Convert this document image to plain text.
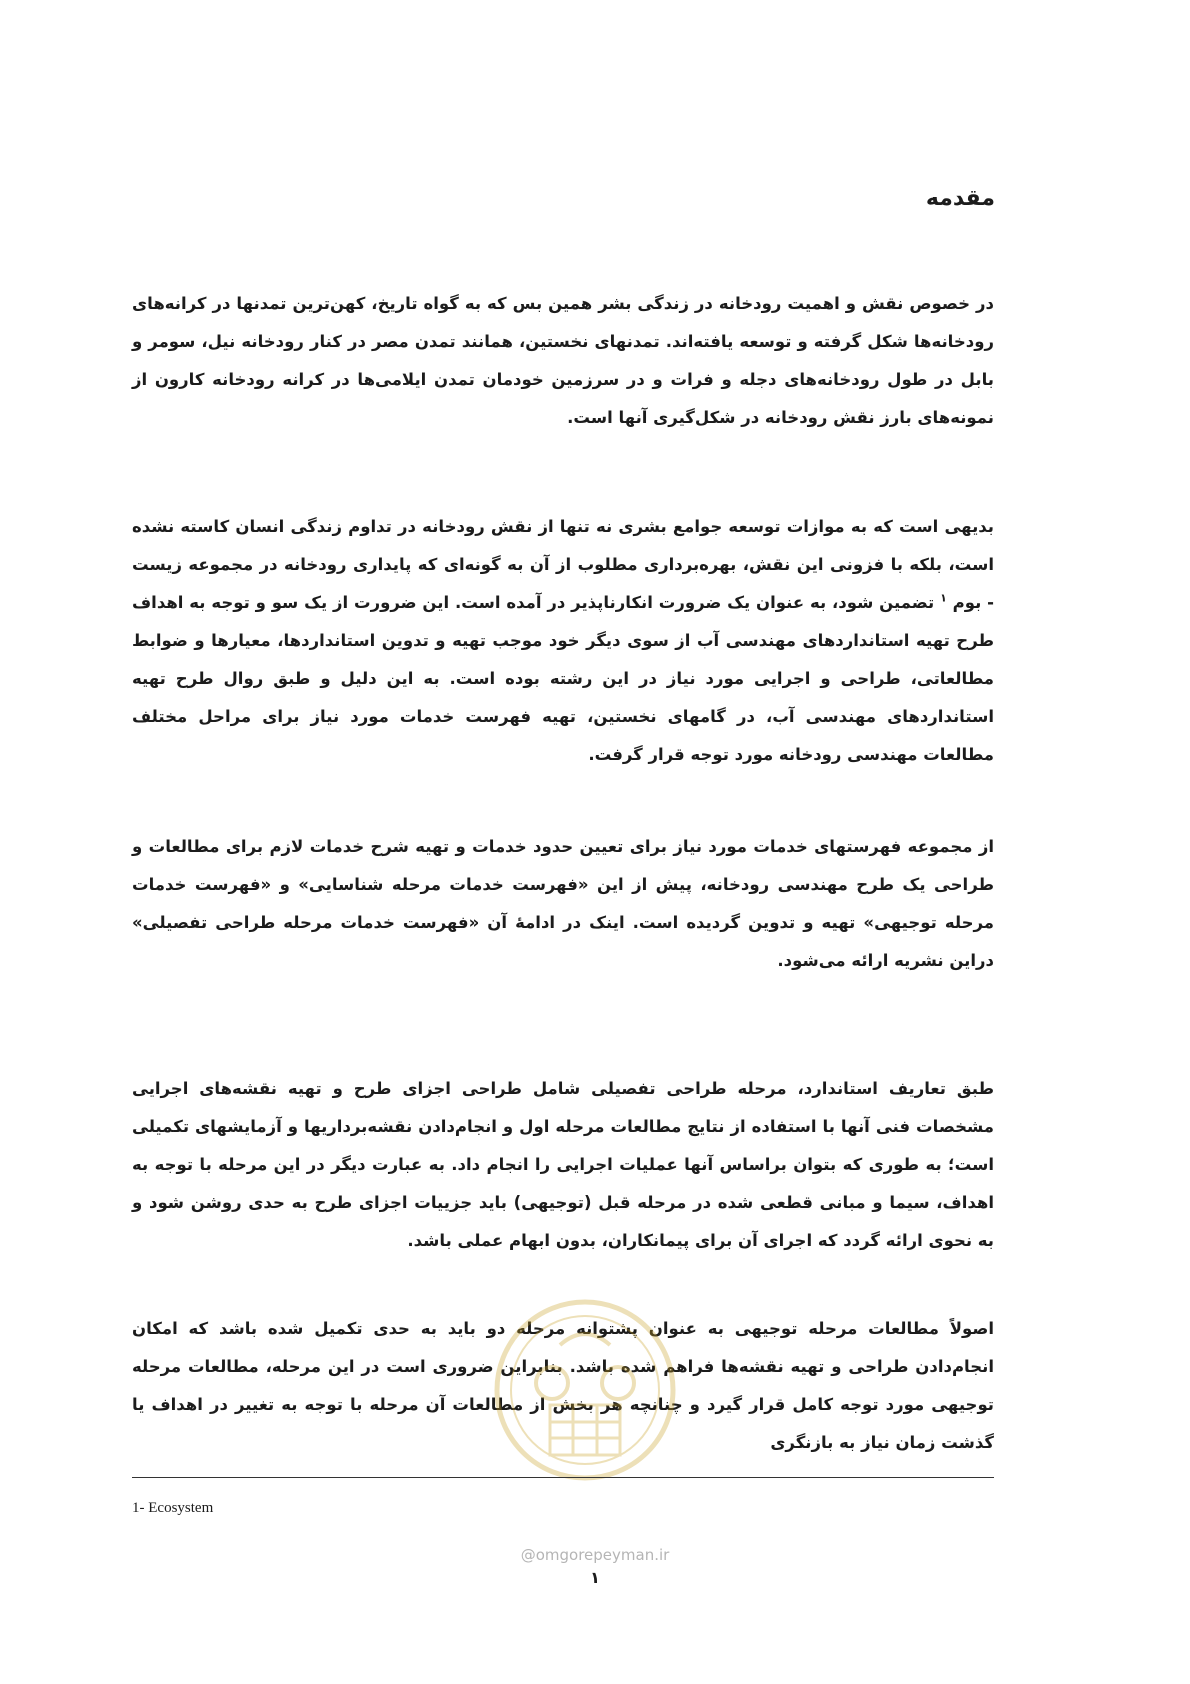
مقدمه

در خصوص نقش و اهمیت رودخانه در زندگی بشر همین بس که به گواه تاریخ، کهن‌ترین تمدنها در کرانه‌های رودخانه‌ها شکل گرفته و توسعه یافته‌اند. تمدنهای نخستین، همانند تمدن مصر در کنار رودخانه نیل، سومر و بابل در طول رودخانه‌های دجله و فرات و در سرزمین خودمان تمدن ایلامی‌ها در کرانه رودخانه کارون از نمونه‌های بارز نقش رودخانه در شکل‌گیری آنها است.

بدیهی است که به موازات توسعه جوامع بشری نه تنها از نقش رودخانه در تداوم زندگی انسان کاسته نشده است، بلکه با فزونی این نقش، بهره‌برداری مطلوب از آن به گونه‌ای که پایداری رودخانه در مجموعه زیست - بوم $^۱$ تضمین شود، به عنوان یک ضرورت انکارناپذیر در آمده است. این ضرورت از یک سو و توجه به اهداف طرح تهیه استانداردهای مهندسی آب از سوی دیگر خود موجب تهیه و تدوین استانداردها، معیارها و ضوابط مطالعاتی، طراحی و اجرایی مورد نیاز در این رشته بوده است. به این دلیل و طبق روال طرح تهیه استانداردهای مهندسی آب، در گامهای نخستین، تهیه فهرست خدمات مورد نیاز برای مراحل مختلف مطالعات مهندسی رودخانه مورد توجه قرار گرفت.

از مجموعه فهرستهای خدمات مورد نیاز برای تعیین حدود خدمات و تهیه شرح خدمات لازم برای مطالعات و طراحی یک طرح مهندسی رودخانه، پیش از این «فهرست خدمات مرحله شناسایی» و «فهرست خدمات مرحله توجیهی» تهیه و تدوین گردیده است. اینک در ادامهٔ آن «فهرست خدمات مرحله طراحی تفصیلی» دراین نشریه ارائه می‌شود.

طبق تعاریف استاندارد، مرحله طراحی تفصیلی شامل طراحی اجزای طرح و تهیه نقشه‌های اجرایی مشخصات فنی آنها با استفاده از نتایج مطالعات مرحله اول و انجام‌دادن نقشه‌برداریها و آزمایشهای تکمیلی است؛ به طوری که بتوان براساس آنها عملیات اجرایی را انجام داد. به عبارت دیگر در این مرحله با توجه به اهداف، سیما و مبانی قطعی شده در مرحله قبل (توجیهی) باید جزییات اجزای طرح به حدی روشن شود و به نحوی ارائه گردد که اجرای آن برای پیمانکاران، بدون ابهام عملی باشد.

اصولاً مطالعات مرحله توجیهی به عنوان پشتوانه مرحله دو باید به حدی تکمیل شده باشد که امکان انجام‌دادن طراحی و تهیه نقشه‌ها فراهم شده باشد. بنابراین ضروری است در این مرحله، مطالعات مرحله توجیهی مورد توجه کامل قرار گیرد و چنانچه هر بخش از مطالعات آن مرحله با توجه به تغییر در اهداف یا گذشت زمان نیاز به بازنگری

1- Ecosystem

@omgorepeyman.ir
۱
